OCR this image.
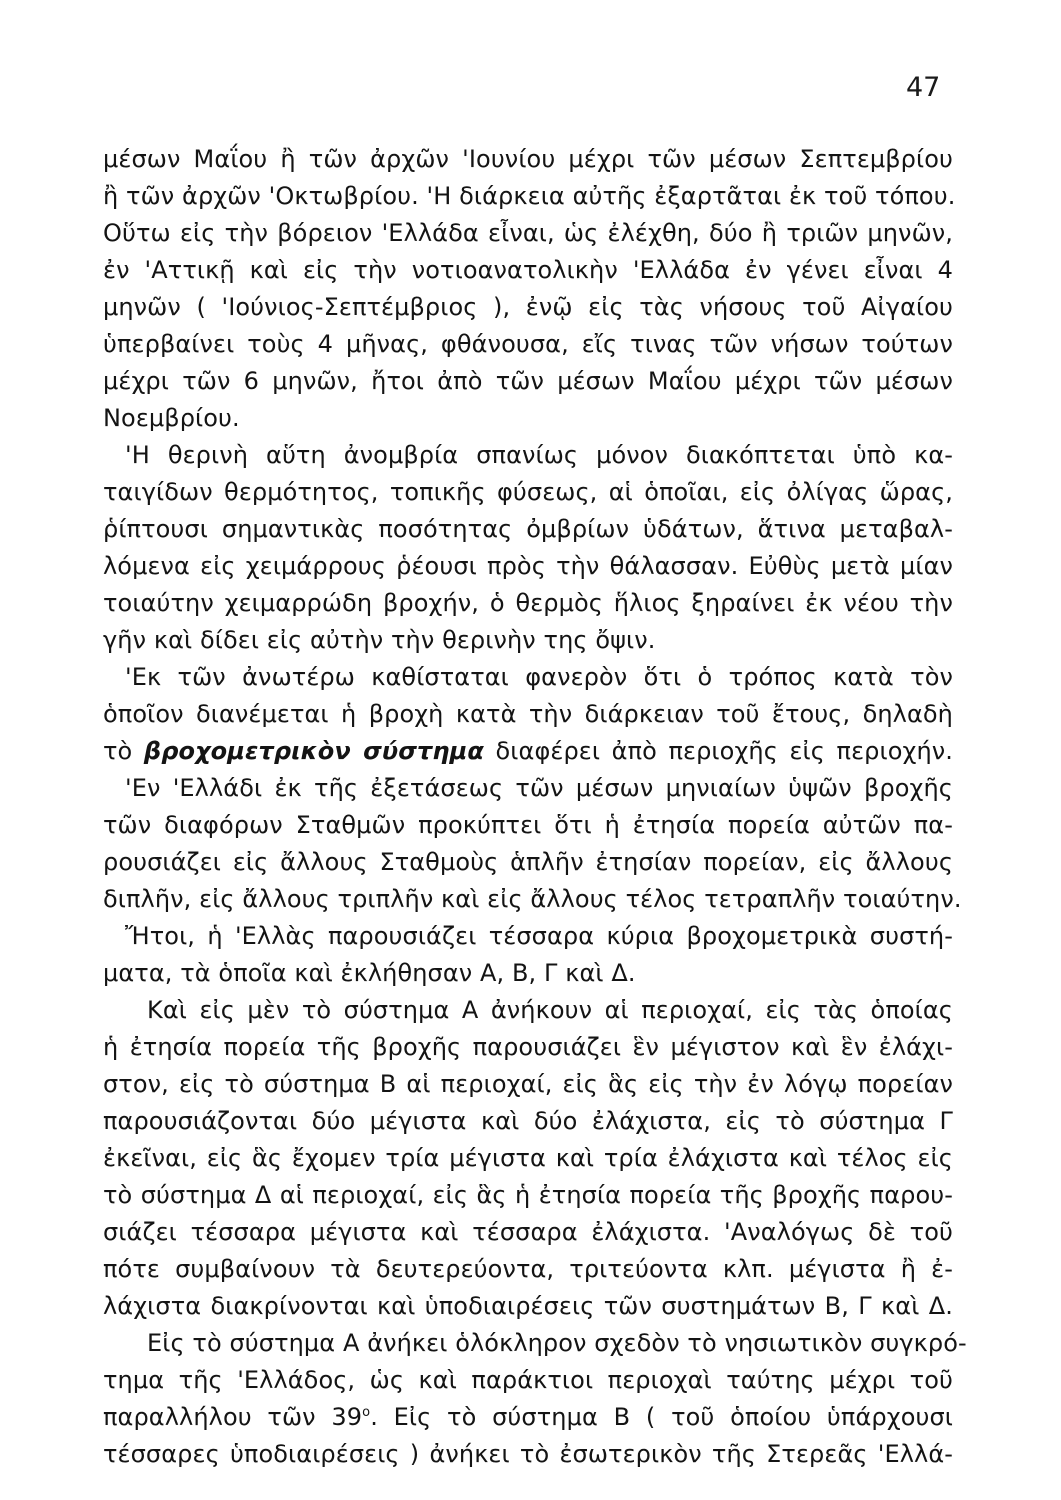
47
μέσων Μαΐου ἢ τῶν ἀρχῶν 'Ιουνίου μέχρι τῶν μέσων Σεπτεμβρίου
ἢ τῶν ἀρχῶν 'Οκτωβρίου. 'Η διάρκεια αὐτῆς ἐξαρτᾶται ἐκ τοῦ τόπου.
Οὕτω εἰς τὴν βόρειον 'Ελλάδα εἶναι, ὡς ἐλέχθη, δύο ἢ τριῶν μηνῶν,
ἐν 'Αττικῇ καὶ εἰς τὴν νοτιοανατολικὴν 'Ελλάδα ἐν γένει εἶναι 4
μηνῶν ( 'Ιούνιος-Σεπτέμβριος ), ἐνῷ εἰς τὰς νήσους τοῦ Αἰγαίου
ὑπερβαίνει τοὺς 4 μῆνας, φθάνουσα, εἴς τινας τῶν νήσων τούτων
μέχρι τῶν 6 μηνῶν, ἤτοι ἀπὸ τῶν μέσων Μαΐου μέχρι τῶν μέσων
Νοεμβρίου.
'Η θερινὴ αὕτη ἀνομβρία σπανίως μόνον διακόπτεται ὑπὸ κα-
ταιγίδων θερμότητος, τοπικῆς φύσεως, αἱ ὁποῖαι, εἰς ὀλίγας ὥρας,
ῥίπτουσι σημαντικὰς ποσότητας ὀμβρίων ὑδάτων, ἅτινα μεταβαλ-
λόμενα εἰς χειμάρρους ῥέουσι πρὸς τὴν θάλασσαν. Εὐθὺς μετὰ μίαν
τοιαύτην χειμαρρώδη βροχήν, ὁ θερμὸς ἥλιος ξηραίνει ἐκ νέου τὴν
γῆν καὶ δίδει εἰς αὐτὴν τὴν θερινὴν της ὄψιν.
'Εκ τῶν ἀνωτέρω καθίσταται φανερὸν ὅτι ὁ τρόπος κατὰ τὸν
ὁποῖον διανέμεται ἡ βροχὴ κατὰ τὴν διάρκειαν τοῦ ἔτους, δηλαδὴ
τὸ βροχομετρικὸν σύστημα διαφέρει ἀπὸ περιοχῆς εἰς περιοχήν.
'Εν 'Ελλάδι ἐκ τῆς ἐξετάσεως τῶν μέσων μηνιαίων ὑψῶν βροχῆς
τῶν διαφόρων Σταθμῶν προκύπτει ὅτι ἡ ἐτησία πορεία αὐτῶν πα-
ρουσιάζει εἰς ἄλλους Σταθμοὺς ἁπλῆν ἐτησίαν πορείαν, εἰς ἄλλους
διπλῆν, εἰς ἄλλους τριπλῆν καὶ εἰς ἄλλους τέλος τετραπλῆν τοιαύτην.
Ἤτοι, ἡ 'Ελλὰς παρουσιάζει τέσσαρα κύρια βροχομετρικὰ συστή-
ματα, τὰ ὁποῖα καὶ ἐκλήθησαν Α, Β, Γ καὶ Δ.
Καὶ εἰς μὲν τὸ σύστημα Α ἀνήκουν αἱ περιοχαί, εἰς τὰς ὁποίας
ἡ ἐτησία πορεία τῆς βροχῆς παρουσιάζει ἓν μέγιστον καὶ ἓν ἐλάχι-
στον, εἰς τὸ σύστημα Β αἱ περιοχαί, εἰς ἃς εἰς τὴν ἐν λόγῳ πορείαν
παρουσιάζονται δύο μέγιστα καὶ δύο ἐλάχιστα, εἰς τὸ σύστημα Γ
ἐκεῖναι, εἰς ἃς ἔχομεν τρία μέγιστα καὶ τρία ἐλάχιστα καὶ τέλος εἰς
τὸ σύστημα Δ αἱ περιοχαί, εἰς ἃς ἡ ἐτησία πορεία τῆς βροχῆς παρου-
σιάζει τέσσαρα μέγιστα καὶ τέσσαρα ἐλάχιστα. 'Αναλόγως δὲ τοῦ
πότε συμβαίνουν τὰ δευτερεύοντα, τριτεύοντα κλπ. μέγιστα ἢ ἐ-
λάχιστα διακρίνονται καὶ ὑποδιαιρέσεις τῶν συστημάτων Β, Γ καὶ Δ.
Εἰς τὸ σύστημα Α ἀνήκει ὁλόκληρον σχεδὸν τὸ νησιωτικὸν συγκρό-
τημα τῆς 'Ελλάδος, ὡς καὶ παράκτιοι περιοχαὶ ταύτης μέχρι τοῦ
παραλλήλου τῶν $39^o$. Εἰς τὸ σύστημα Β ( τοῦ ὁποίου ὑπάρχουσι
τέσσαρες ὑποδιαιρέσεις ) ἀνήκει τὸ ἐσωτερικὸν τῆς Στερεᾶς 'Ελλά-
